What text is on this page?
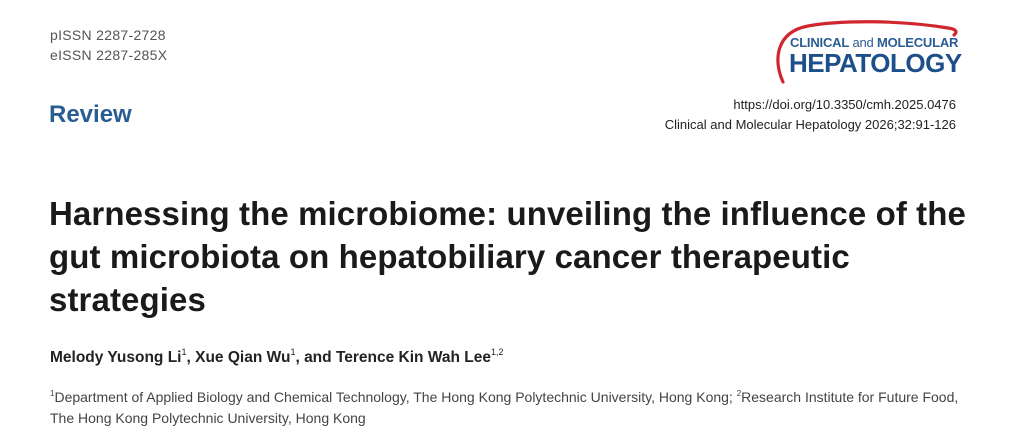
pISSN 2287-2728
eISSN 2287-285X
Review
CLINICAL and MOLECULAR
HEPATOLOGY
https://doi.org/10.3350/cmh.2025.0476
Clinical and Molecular Hepatology 2026;32:91-126
Harnessing the microbiome: unveiling the influence of the gut microbiota on hepatobiliary cancer therapeutic strategies
Melody Yusong Li$^1$, Xue Qian Wu$^1$, and Terence Kin Wah Lee$^{1,2}$
$^1$Department of Applied Biology and Chemical Technology, The Hong Kong Polytechnic University, Hong Kong; $^2$Research Institute for Future Food, The Hong Kong Polytechnic University, Hong Kong
